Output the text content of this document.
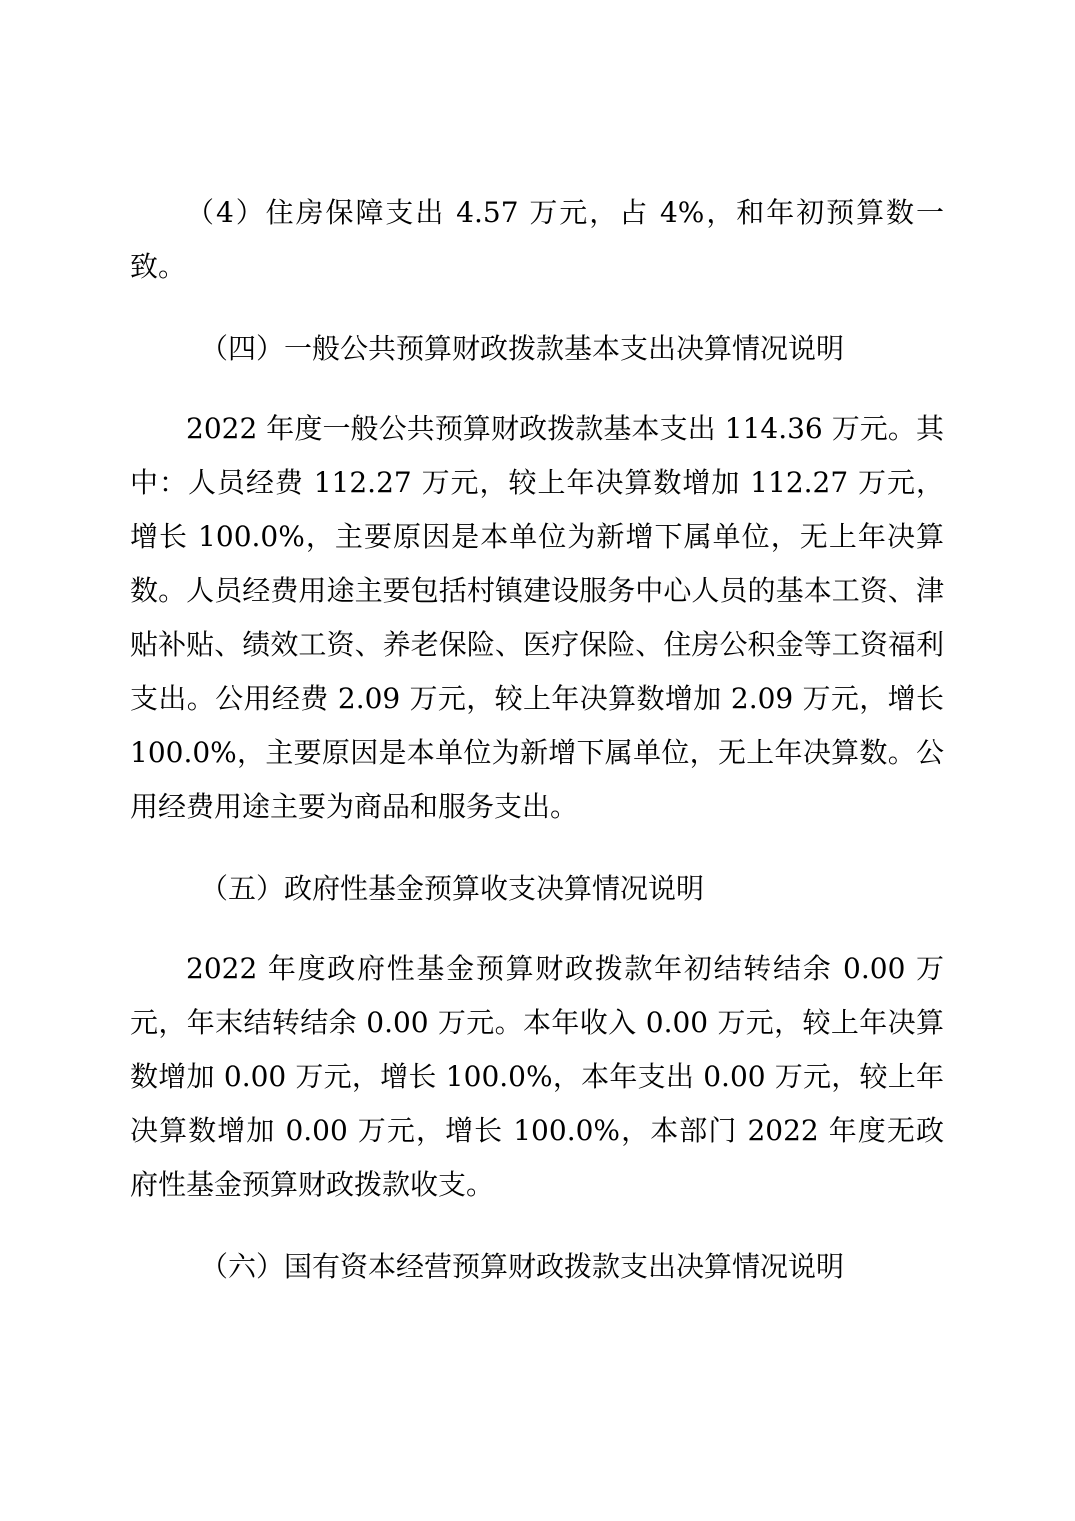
（4）住房保障支出 4.57 万元，占 4%，和年初预算数一致。

（四）一般公共预算财政拨款基本支出决算情况说明

2022 年度一般公共预算财政拨款基本支出 114.36 万元。其中：人员经费 112.27 万元，较上年决算数增加 112.27 万元，增长 100.0%，主要原因是本单位为新增下属单位，无上年决算数。人员经费用途主要包括村镇建设服务中心人员的基本工资、津贴补贴、绩效工资、养老保险、医疗保险、住房公积金等工资福利支出。公用经费 2.09 万元，较上年决算数增加 2.09 万元，增长 100.0%，主要原因是本单位为新增下属单位，无上年决算数。公用经费用途主要为商品和服务支出。

（五）政府性基金预算收支决算情况说明

2022 年度政府性基金预算财政拨款年初结转结余 0.00 万元，年末结转结余 0.00 万元。本年收入 0.00 万元，较上年决算数增加 0.00 万元，增长 100.0%，本年支出 0.00 万元，较上年决算数增加 0.00 万元，增长 100.0%，本部门 2022 年度无政府性基金预算财政拨款收支。

（六）国有资本经营预算财政拨款支出决算情况说明
